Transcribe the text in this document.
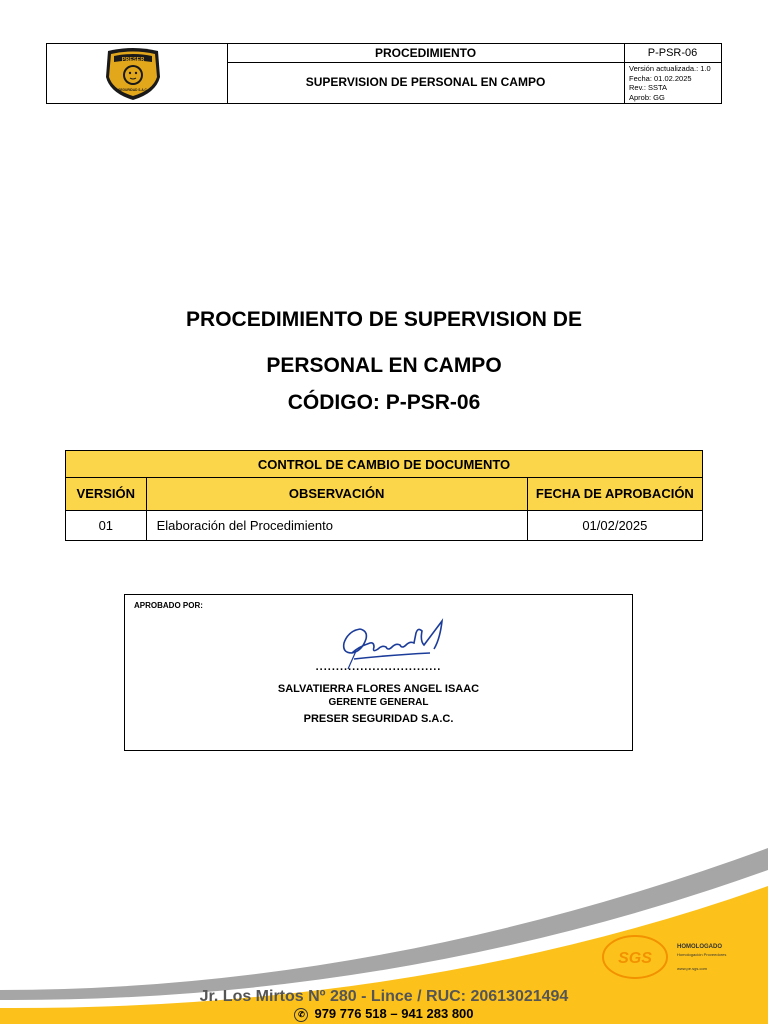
PRESER
SEGURIDAD S.A.C.
PROCEDIMIENTO
SUPERVISION DE PERSONAL EN CAMPO
P-PSR-06
Versión actualizada.: 1.0
Fecha: 01.02.2025
Rev.: SSTA
Aprob: GG
PROCEDIMIENTO DE SUPERVISION DE
PERSONAL EN CAMPO
CÓDIGO: P-PSR-06
CONTROL DE CAMBIO DE DOCUMENTO		
VERSIÓN	OBSERVACIÓN	FECHA DE APROBACIÓN
01	Elaboración del Procedimiento	01/02/2025
APROBADO POR:
...............................
SALVATIERRA FLORES ANGEL ISAAC
GERENTE GENERAL
PRESER SEGURIDAD S.A.C.
SGS
HOMOLOGADO
Homologación Proveedores
www.pe.sgs.com
Jr. Los Mirtos Nº 280 - Lince / RUC: 20613021494
✆ 979 776 518 – 941 283 800
